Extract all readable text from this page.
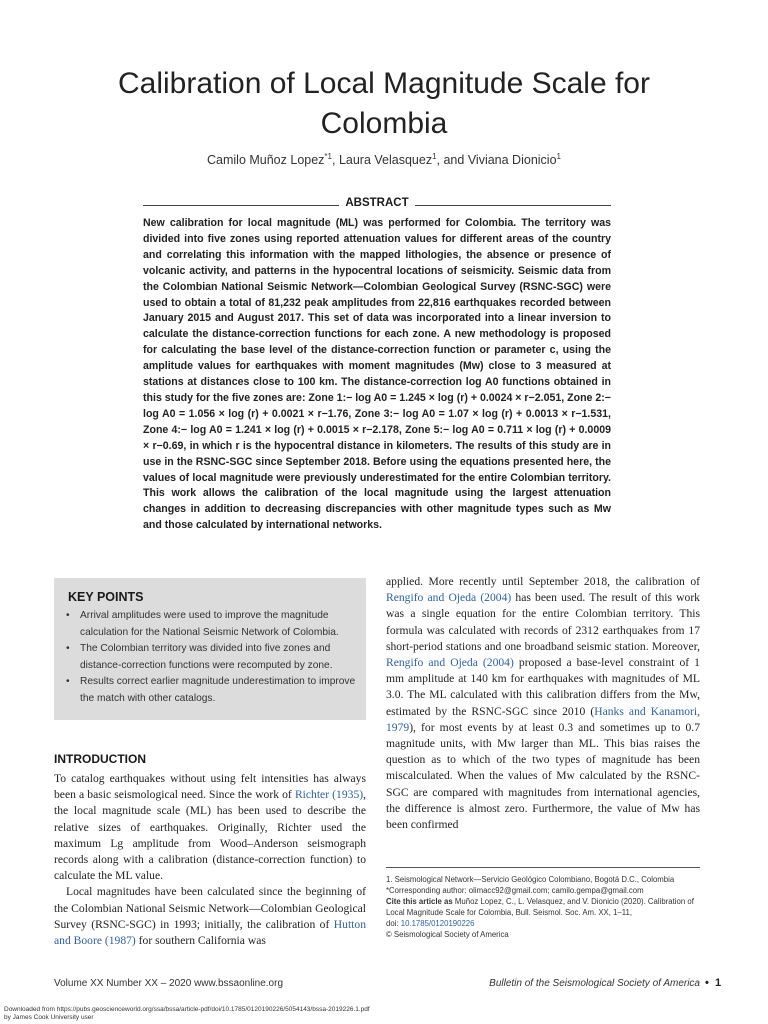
Calibration of Local Magnitude Scale for
Colombia
Camilo Muñoz Lopez$^{*1}$, Laura Velasquez$^1$, and Viviana Dionicio$^1$
ABSTRACT
New calibration for local magnitude (ML) was performed for Colombia. The territory was divided into five zones using reported attenuation values for different areas of the country and correlating this information with the mapped lithologies, the absence or presence of volcanic activity, and patterns in the hypocentral locations of seismicity. Seismic data from the Colombian National Seismic Network—Colombian Geological Survey (RSNC-SGC) were used to obtain a total of 81,232 peak amplitudes from 22,816 earthquakes recorded between January 2015 and August 2017. This set of data was incorporated into a linear inversion to calculate the distance-correction functions for each zone. A new methodology is proposed for calculating the base level of the distance-correction function or parameter c, using the amplitude values for earthquakes with moment magnitudes (Mw) close to 3 measured at stations at distances close to 100 km. The distance-correction log A0 functions obtained in this study for the five zones are: Zone 1:− log A0 = 1.245 × log (r) + 0.0024 × r−2.051, Zone 2:− log A0 = 1.056 × log (r) + 0.0021 × r−1.76, Zone 3:− log A0 = 1.07 × log (r) + 0.0013 × r−1.531, Zone 4:− log A0 = 1.241 × log (r) + 0.0015 × r−2.178, Zone 5:− log A0 = 0.711 × log (r) + 0.0009 × r−0.69, in which r is the hypocentral distance in kilometers. The results of this study are in use in the RSNC-SGC since September 2018. Before using the equations presented here, the values of local magnitude were previously underestimated for the entire Colombian territory. This work allows the calibration of the local magnitude using the largest attenuation changes in addition to decreasing discrepancies with other magnitude types such as Mw and those calculated by international networks.
KEY POINTS
• Arrival amplitudes were used to improve the magnitude calculation for the National Seismic Network of Colombia.
• The Colombian territory was divided into five zones and distance-correction functions were recomputed by zone.
• Results correct earlier magnitude underestimation to improve the match with other catalogs.
INTRODUCTION

To catalog earthquakes without using felt intensities has always been a basic seismological need. Since the work of Richter (1935), the local magnitude scale (ML) has been used to describe the relative sizes of earthquakes. Originally, Richter used the maximum Lg amplitude from Wood–Anderson seismograph records along with a calibration (distance-correction function) to calculate the ML value.

Local magnitudes have been calculated since the beginning of the Colombian National Seismic Network—Colombian Geological Survey (RSNC-SGC) in 1993; initially, the calibration of Hutton and Boore (1987) for southern California was

applied. More recently until September 2018, the calibration of Rengifo and Ojeda (2004) has been used. The result of this work was a single equation for the entire Colombian territory. This formula was calculated with records of 2312 earthquakes from 17 short-period stations and one broadband seismic station. Moreover, Rengifo and Ojeda (2004) proposed a base-level constraint of 1 mm amplitude at 140 km for earthquakes with magnitudes of ML 3.0. The ML calculated with this calibration differs from the Mw, estimated by the RSNC-SGC since 2010 (Hanks and Kanamori, 1979), for most events by at least 0.3 and sometimes up to 0.7 magnitude units, with Mw larger than ML. This bias raises the question as to which of the two types of magnitude has been miscalculated. When the values of Mw calculated by the RSNC-SGC are compared with magnitudes from international agencies, the difference is almost zero. Furthermore, the value of Mw has been confirmed

1. Seismological Network—Servicio Geológico Colombiano, Bogotá D.C., Colombia

*Corresponding author: olimacc92@gmail.com; camilo.gempa@gmail.com

Cite this article as Muñoz Lopez, C., L. Velasquez, and V. Dionicio (2020). Calibration of Local Magnitude Scale for Colombia, Bull. Seismol. Soc. Am. XX, 1–11,

doi: 10.1785/0120190226

© Seismological Society of America

Volume XX Number XX – 2020 www.bssaonline.org	Bulletin of the Seismological Society of America • 1
Downloaded from https://pubs.geoscienceworld.org/ssa/bssa/article-pdf/doi/10.1785/0120190226/5054143/bssa-2019226.1.pdf
by James Cook University user
